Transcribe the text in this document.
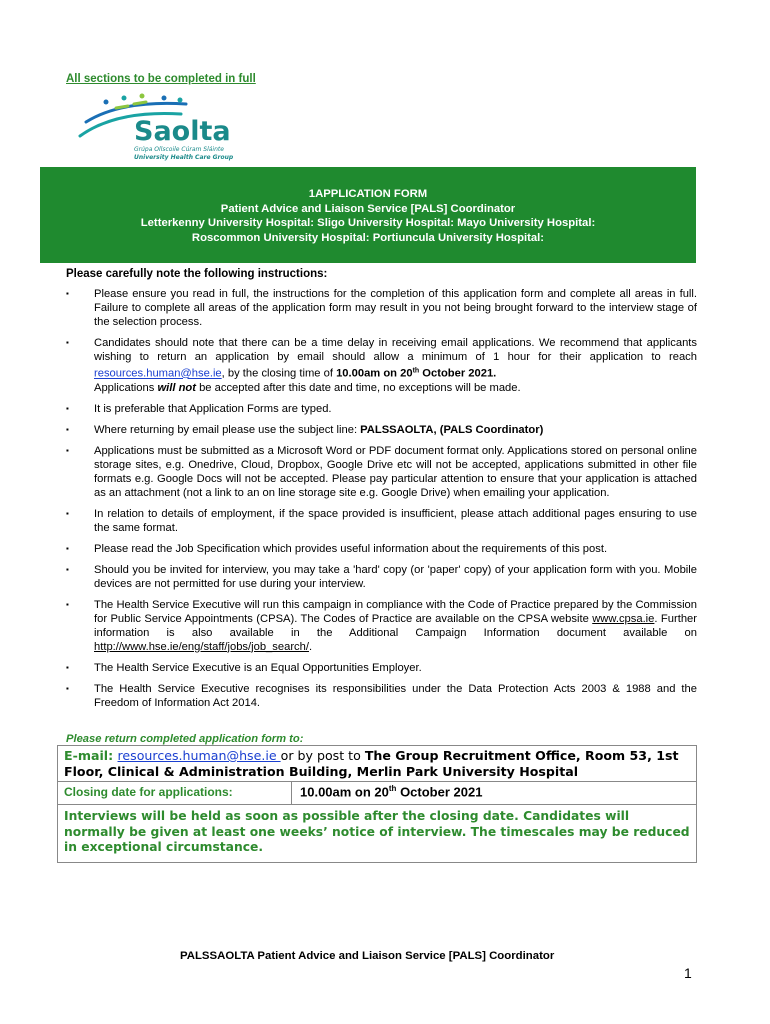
All sections to be completed in full
Saolta
Grúpa Ollscoile Cúram Sláinte
University Health Care Group
1APPLICATION FORM
Patient Advice and Liaison Service [PALS] Coordinator
Letterkenny University Hospital: Sligo University Hospital: Mayo University Hospital:
Roscommon University Hospital: Portiuncula University Hospital:
Please carefully note the following instructions:
▪ Please ensure you read in full, the instructions for the completion of this application form and complete all areas in full. Failure to complete all areas of the application form may result in you not being brought forward to the interview stage of the selection process.
▪ Candidates should note that there can be a time delay in receiving email applications. We recommend that applicants wishing to return an application by email should allow a minimum of 1 hour for their application to reach resources.human@hse.ie, by the closing time of 10.00am on 20th October 2021.
Applications will not be accepted after this date and time, no exceptions will be made.
▪ It is preferable that Application Forms are typed.
▪ Where returning by email please use the subject line: PALSSAOLTA, (PALS Coordinator)
▪ Applications must be submitted as a Microsoft Word or PDF document format only. Applications stored on personal online storage sites, e.g. Onedrive, Cloud, Dropbox, Google Drive etc will not be accepted, applications submitted in other file formats e.g. Google Docs will not be accepted. Please pay particular attention to ensure that your application is attached as an attachment (not a link to an on line storage site e.g. Google Drive) when emailing your application.
▪ In relation to details of employment, if the space provided is insufficient, please attach additional pages ensuring to use the same format.
▪ Please read the Job Specification which provides useful information about the requirements of this post.
▪ Should you be invited for interview, you may take a 'hard' copy (or 'paper' copy) of your application form with you. Mobile devices are not permitted for use during your interview.
▪ The Health Service Executive will run this campaign in compliance with the Code of Practice prepared by the Commission for Public Service Appointments (CPSA). The Codes of Practice are available on the CPSA website www.cpsa.ie. Further information is also available in the Additional Campaign Information document available on http://www.hse.ie/eng/staff/jobs/job_search/.
▪ The Health Service Executive is an Equal Opportunities Employer.
▪ The Health Service Executive recognises its responsibilities under the Data Protection Acts 2003 & 1988 and the Freedom of Information Act 2014.
Please return completed application form to:
E-mail: resources.human@hse.ie or by post to The Group Recruitment Office, Room 53, 1st Floor, Clinical & Administration Building, Merlin Park University Hospital
Closing date for applications:	10.00am on 20th October 2021
Interviews will be held as soon as possible after the closing date. Candidates will normally be given at least one weeks’ notice of interview. The timescales may be reduced in exceptional circumstance.
PALSSAOLTA Patient Advice and Liaison Service [PALS] Coordinator
1
